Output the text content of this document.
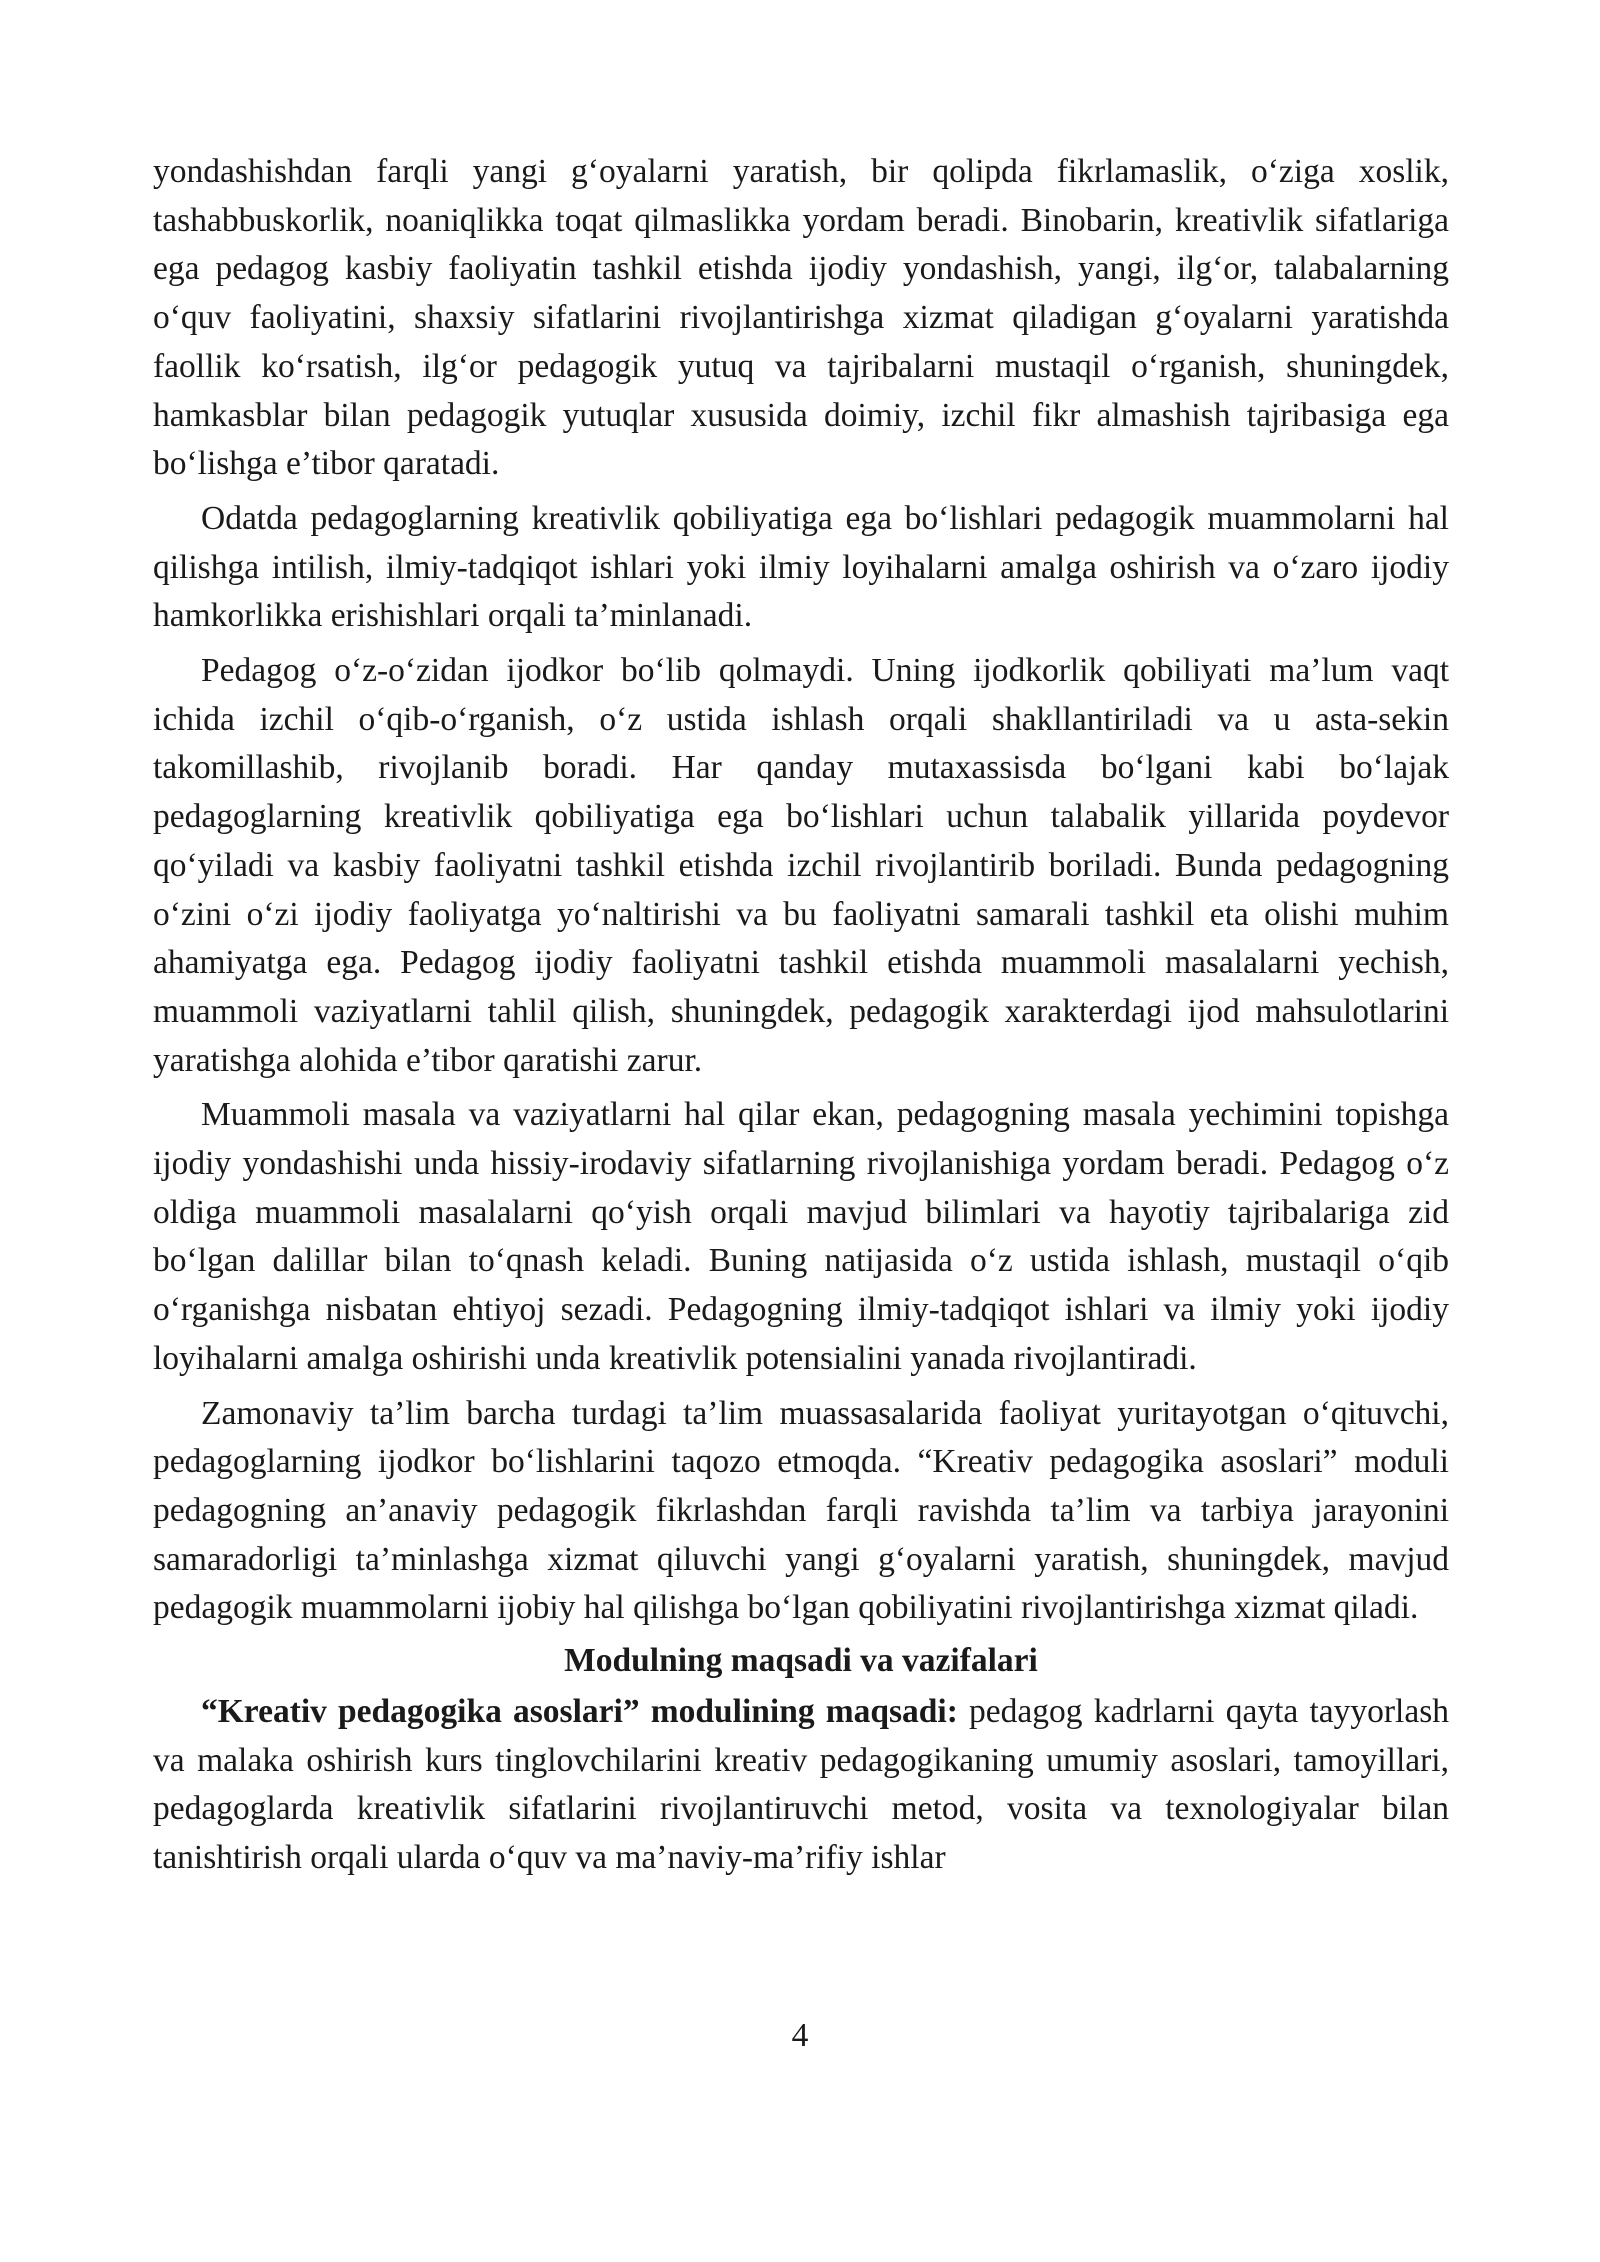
yondashishdan farqli yangi g‘oyalarni yaratish, bir qolipda fikrlamaslik, o‘ziga xoslik, tashabbuskorlik, noaniqlikka toqat qilmaslikka yordam beradi. Binobarin, kreativlik sifatlariga ega pedagog kasbiy faoliyatin tashkil etishda ijodiy yondashish, yangi, ilg‘or, talabalarning o‘quv faoliyatini, shaxsiy sifatlarini rivojlantirishga xizmat qiladigan g‘oyalarni yaratishda faollik ko‘rsatish, ilg‘or pedagogik yutuq va tajribalarni mustaqil o‘rganish, shuningdek, hamkasblar bilan pedagogik yutuqlar xususida doimiy, izchil fikr almashish tajribasiga ega bo‘lishga e’tibor qaratadi.

Odatda pedagoglarning kreativlik qobiliyatiga ega bo‘lishlari pedagogik muammolarni hal qilishga intilish, ilmiy-tadqiqot ishlari yoki ilmiy loyihalarni amalga oshirish va o‘zaro ijodiy hamkorlikka erishishlari orqali ta’minlanadi.

Pedagog o‘z-o‘zidan ijodkor bo‘lib qolmaydi. Uning ijodkorlik qobiliyati ma’lum vaqt ichida izchil o‘qib-o‘rganish, o‘z ustida ishlash orqali shakllantiriladi va u asta-sekin takomillashib, rivojlanib boradi. Har qanday mutaxassisda bo‘lgani kabi bo‘lajak pedagoglarning kreativlik qobiliyatiga ega bo‘lishlari uchun talabalik yillarida poydevor qo‘yiladi va kasbiy faoliyatni tashkil etishda izchil rivojlantirib boriladi. Bunda pedagogning o‘zini o‘zi ijodiy faoliyatga yo‘naltirishi va bu faoliyatni samarali tashkil eta olishi muhim ahamiyatga ega. Pedagog ijodiy faoliyatni tashkil etishda muammoli masalalarni yechish, muammoli vaziyatlarni tahlil qilish, shuningdek, pedagogik xarakterdagi ijod mahsulotlarini yaratishga alohida e’tibor qaratishi zarur.

Muammoli masala va vaziyatlarni hal qilar ekan, pedagogning masala yechimini topishga ijodiy yondashishi unda hissiy-irodaviy sifatlarning rivojlanishiga yordam beradi. Pedagog o‘z oldiga muammoli masalalarni qo‘yish orqali mavjud bilimlari va hayotiy tajribalariga zid bo‘lgan dalillar bilan to‘qnash keladi. Buning natijasida o‘z ustida ishlash, mustaqil o‘qib o‘rganishga nisbatan ehtiyoj sezadi. Pedagogning ilmiy-tadqiqot ishlari va ilmiy yoki ijodiy loyihalarni amalga oshirishi unda kreativlik potensialini yanada rivojlantiradi.

Zamonaviy ta’lim barcha turdagi ta’lim muassasalarida faoliyat yuritayotgan o‘qituvchi, pedagoglarning ijodkor bo‘lishlarini taqozo etmoqda. “Kreativ pedagogika asoslari” moduli pedagogning an’anaviy pedagogik fikrlashdan farqli ravishda ta’lim va tarbiya jarayonini samaradorligi ta’minlashga xizmat qiluvchi yangi g‘oyalarni yaratish, shuningdek, mavjud pedagogik muammolarni ijobiy hal qilishga bo‘lgan qobiliyatini rivojlantirishga xizmat qiladi.

Modulning maqsadi va vazifalari

“Kreativ pedagogika asoslari” modulining maqsadi: pedagog kadrlarni qayta tayyorlash va malaka oshirish kurs tinglovchilarini kreativ pedagogikaning umumiy asoslari, tamoyillari, pedagoglarda kreativlik sifatlarini rivojlantiruvchi metod, vosita va texnologiyalar bilan tanishtirish orqali ularda o‘quv va ma’naviy-ma’rifiy ishlar

4
